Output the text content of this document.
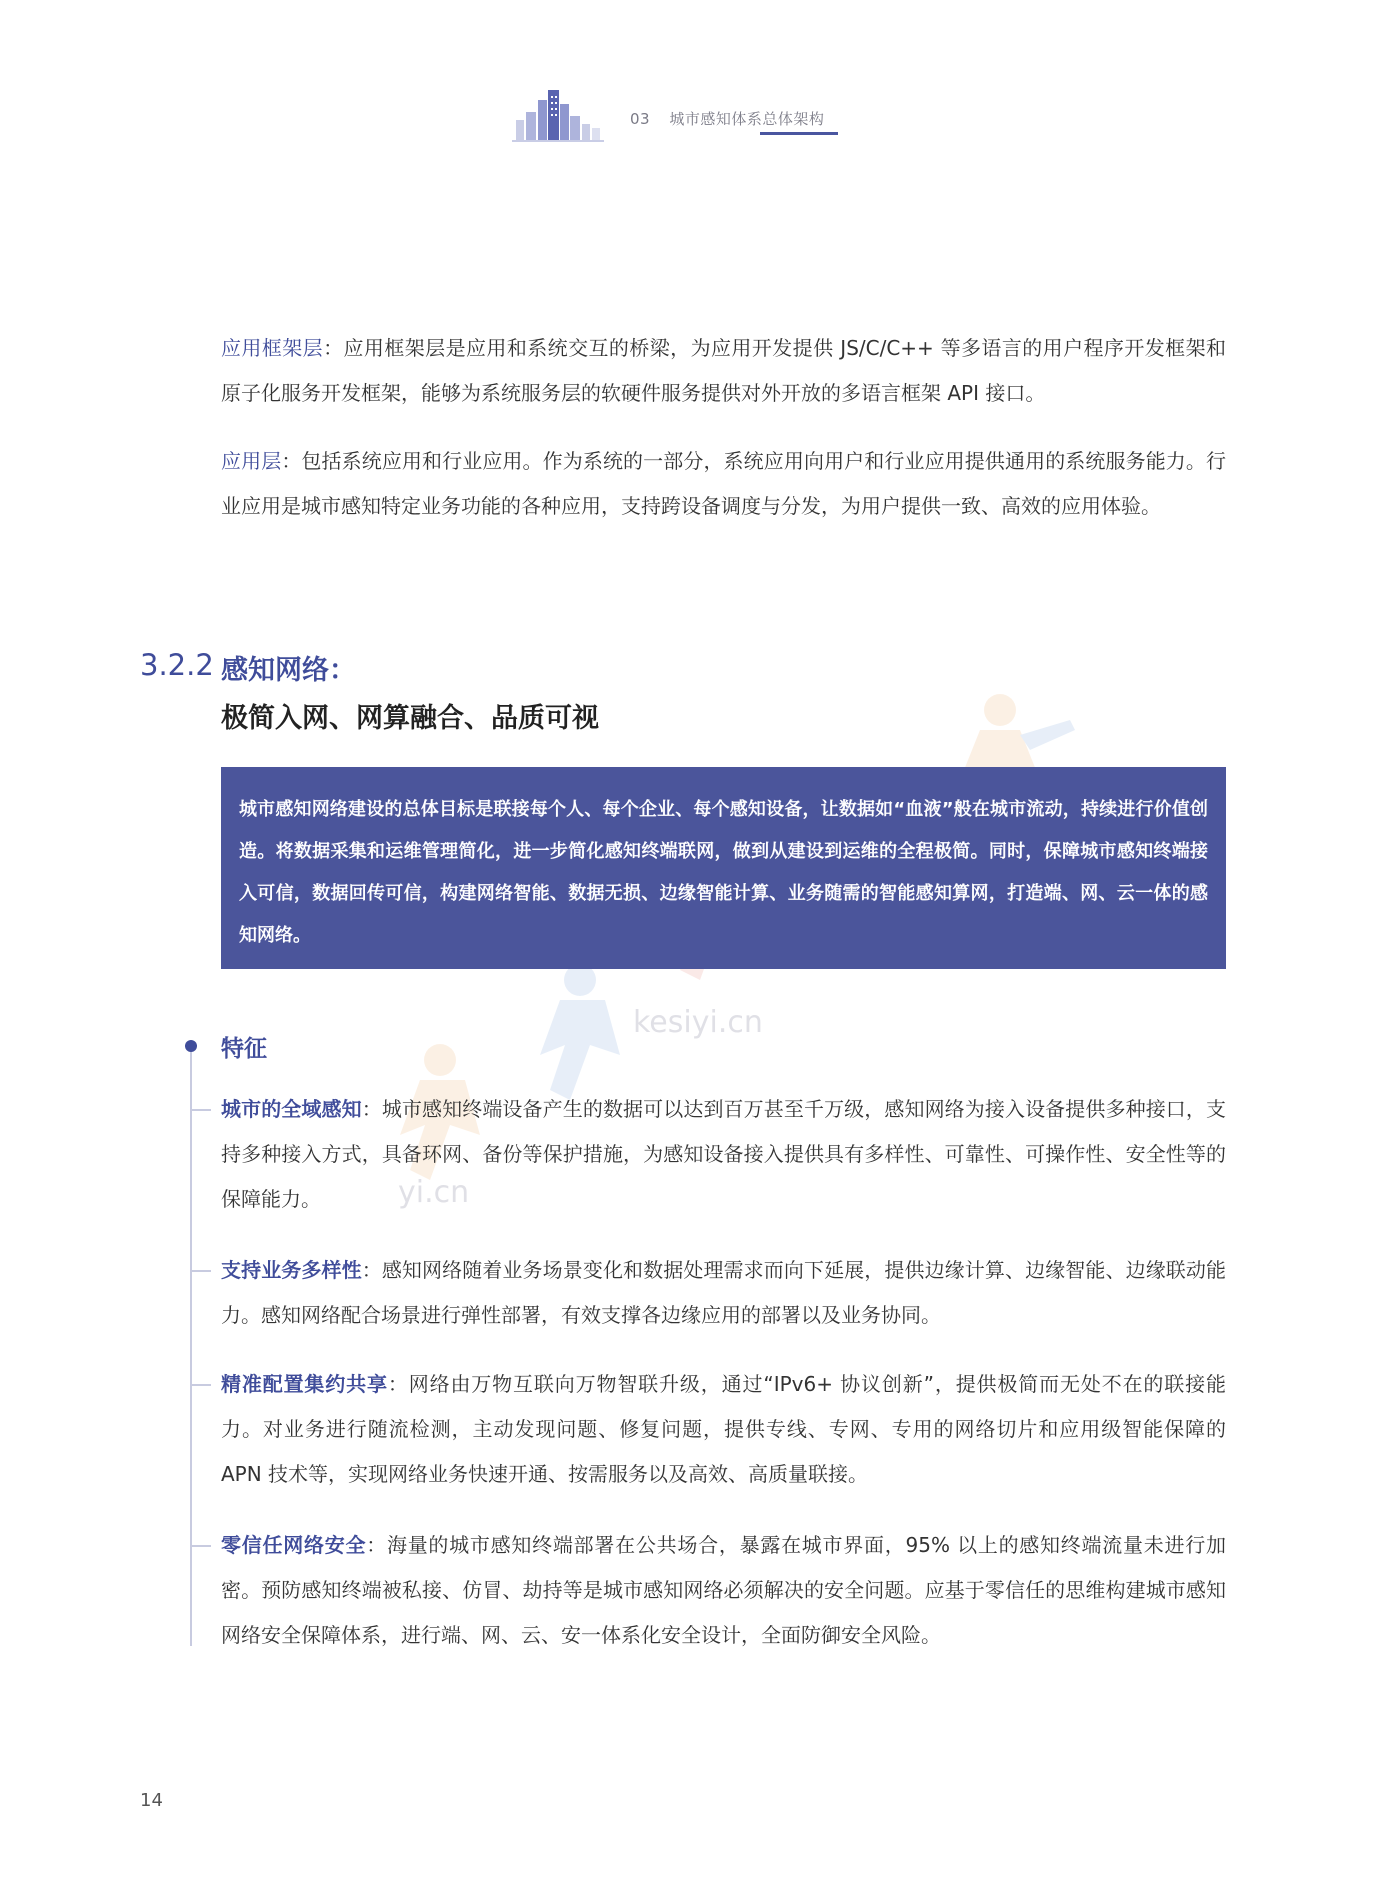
kesiyi.cn
yi.cn
03 城市感知体系总体架构

应用框架层：应用框架层是应用和系统交互的桥梁，为应用开发提供 JS/C/C++ 等多语言的用户程序开发框架和原子化服务开发框架，能够为系统服务层的软硬件服务提供对外开放的多语言框架 API 接口。

应用层：包括系统应用和行业应用。作为系统的一部分，系统应用向用户和行业应用提供通用的系统服务能力。行业应用是城市感知特定业务功能的各种应用，支持跨设备调度与分发，为用户提供一致、高效的应用体验。

3.2.2 感知网络：
极简入网、网算融合、品质可视

城市感知网络建设的总体目标是联接每个人、每个企业、每个感知设备，让数据如“血液”般在城市流动，持续进行价值创造。将数据采集和运维管理简化，进一步简化感知终端联网，做到从建设到运维的全程极简。同时，保障城市感知终端接入可信，数据回传可信，构建网络智能、数据无损、边缘智能计算、业务随需的智能感知算网，打造端、网、云一体的感知网络。

特征

城市的全域感知：城市感知终端设备产生的数据可以达到百万甚至千万级，感知网络为接入设备提供多种接口，支持多种接入方式，具备环网、备份等保护措施，为感知设备接入提供具有多样性、可靠性、可操作性、安全性等的保障能力。

支持业务多样性：感知网络随着业务场景变化和数据处理需求而向下延展，提供边缘计算、边缘智能、边缘联动能力。感知网络配合场景进行弹性部署，有效支撑各边缘应用的部署以及业务协同。

精准配置集约共享：网络由万物互联向万物智联升级，通过“IPv6+ 协议创新”，提供极简而无处不在的联接能力。对业务进行随流检测，主动发现问题、修复问题，提供专线、专网、专用的网络切片和应用级智能保障的 APN 技术等，实现网络业务快速开通、按需服务以及高效、高质量联接。

零信任网络安全：海量的城市感知终端部署在公共场合，暴露在城市界面，95% 以上的感知终端流量未进行加密。预防感知终端被私接、仿冒、劫持等是城市感知网络必须解决的安全问题。应基于零信任的思维构建城市感知网络安全保障体系，进行端、网、云、安一体系化安全设计，全面防御安全风险。

14
